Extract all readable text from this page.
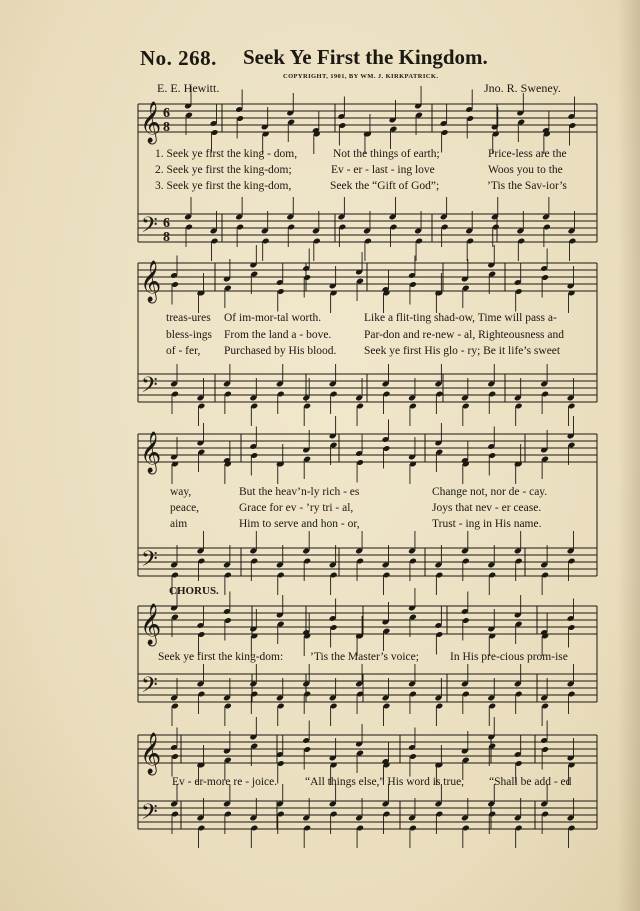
No. 268. Seek Ye First the Kingdom.
COPYRIGHT, 1901, BY WM. J. KIRKPATRICK.
E. E. Hewitt.	Jno. R. Sweney.
𝄞
𝄢
6
8
6
8
𝄞
𝄢
𝄞
𝄢
𝄞
𝄢
𝄞
𝄢
1. Seek ye first the king - dom,	Not the things of earth;	Price-less are the
2. Seek ye first the king-dom;	Ev - er - last - ing love	Woos you to the
3. Seek ye first the king-dom,	Seek the “Gift of God”;	’Tis the Sav-ior’s
treas-ures Of im-mor-tal worth.	Like a flit-ting shad-ow, Time will pass a-
bless-ings From the land a - bove.	Par-don and re-new - al, Righteousness and
of - fer, Purchased by His blood. Seek ye first His glo - ry; Be it life’s sweet
way,	But the heav’n-ly rich - es	Change not, nor de - cay.
peace,	Grace for ev - ’ry tri - al,	Joys that nev - er cease.
aim	Him to serve and hon - or,	Trust - ing in His name.
CHORUS.
Seek ye first the king-dom: ’Tis the Master’s voice;	In His pre-cious prom-ise
Ev - er-more re - joice. “All things else,” His word is true, “Shall be add - ed
